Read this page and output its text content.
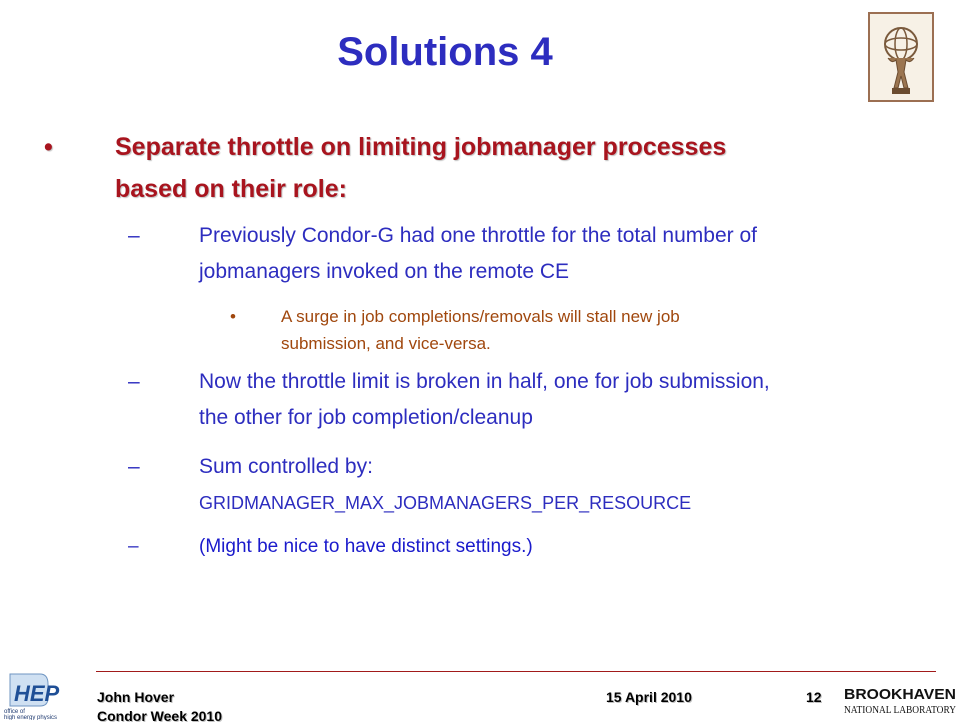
Solutions 4
• Separate throttle on limiting jobmanager processes
based on their role:
–	Previously Condor-G had one throttle for the total number of
jobmanagers invoked on the remote CE
•	A surge in job completions/removals will stall new job
submission, and vice-versa.
–	Now the throttle limit is broken in half, one for job submission,
the other for job completion/cleanup
–	Sum controlled by:
GRIDMANAGER_MAX_JOBMANAGERS_PER_RESOURCE
–	(Might be nice to have distinct settings.)
HEP
office of
high energy physics
John Hover
Condor Week 2010
15 April 2010	12 BROOKHAVEN
NATIONAL LABORATORY
